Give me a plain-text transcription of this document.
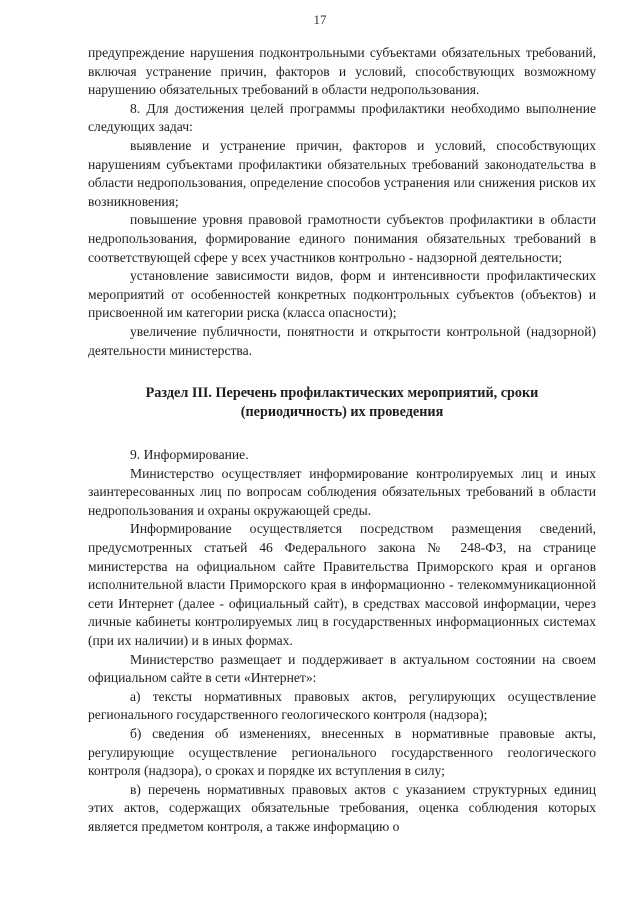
17

предупреждение нарушения подконтрольными субъектами обязательных требований, включая устранение причин, факторов и условий, способствующих возможному нарушению обязательных требований в области недропользования.

8. Для достижения целей программы профилактики необходимо выполнение следующих задач:

выявление и устранение причин, факторов и условий, способствующих нарушениям субъектами профилактики обязательных требований законодательства в области недропользования, определение способов устранения или снижения рисков их возникновения;

повышение уровня правовой грамотности субъектов профилактики в области недропользования, формирование единого понимания обязательных требований в соответствующей сфере у всех участников контрольно - надзорной деятельности;

установление зависимости видов, форм и интенсивности профилактических мероприятий от особенностей конкретных подконтрольных субъектов (объектов) и присвоенной им категории риска (класса опасности);

увеличение публичности, понятности и открытости контрольной (надзорной) деятельности министерства.

Раздел III. Перечень профилактических мероприятий, сроки (периодичность) их проведения

9. Информирование.

Министерство осуществляет информирование контролируемых лиц и иных заинтересованных лиц по вопросам соблюдения обязательных требований в области недропользования и охраны окружающей среды.

Информирование осуществляется посредством размещения сведений, предусмотренных статьей 46 Федерального закона № 248-ФЗ, на странице министерства на официальном сайте Правительства Приморского края и органов исполнительной власти Приморского края в информационно - телекоммуникационной сети Интернет (далее - официальный сайт), в средствах массовой информации, через личные кабинеты контролируемых лиц в государственных информационных системах (при их наличии) и в иных формах.

Министерство размещает и поддерживает в актуальном состоянии на своем официальном сайте в сети «Интернет»:

а) тексты нормативных правовых актов, регулирующих осуществление регионального государственного геологического контроля (надзора);

б) сведения об изменениях, внесенных в нормативные правовые акты, регулирующие осуществление регионального государственного геологического контроля (надзора), о сроках и порядке их вступления в силу;

в) перечень нормативных правовых актов с указанием структурных единиц этих актов, содержащих обязательные требования, оценка соблюдения которых является предметом контроля, а также информацию о
